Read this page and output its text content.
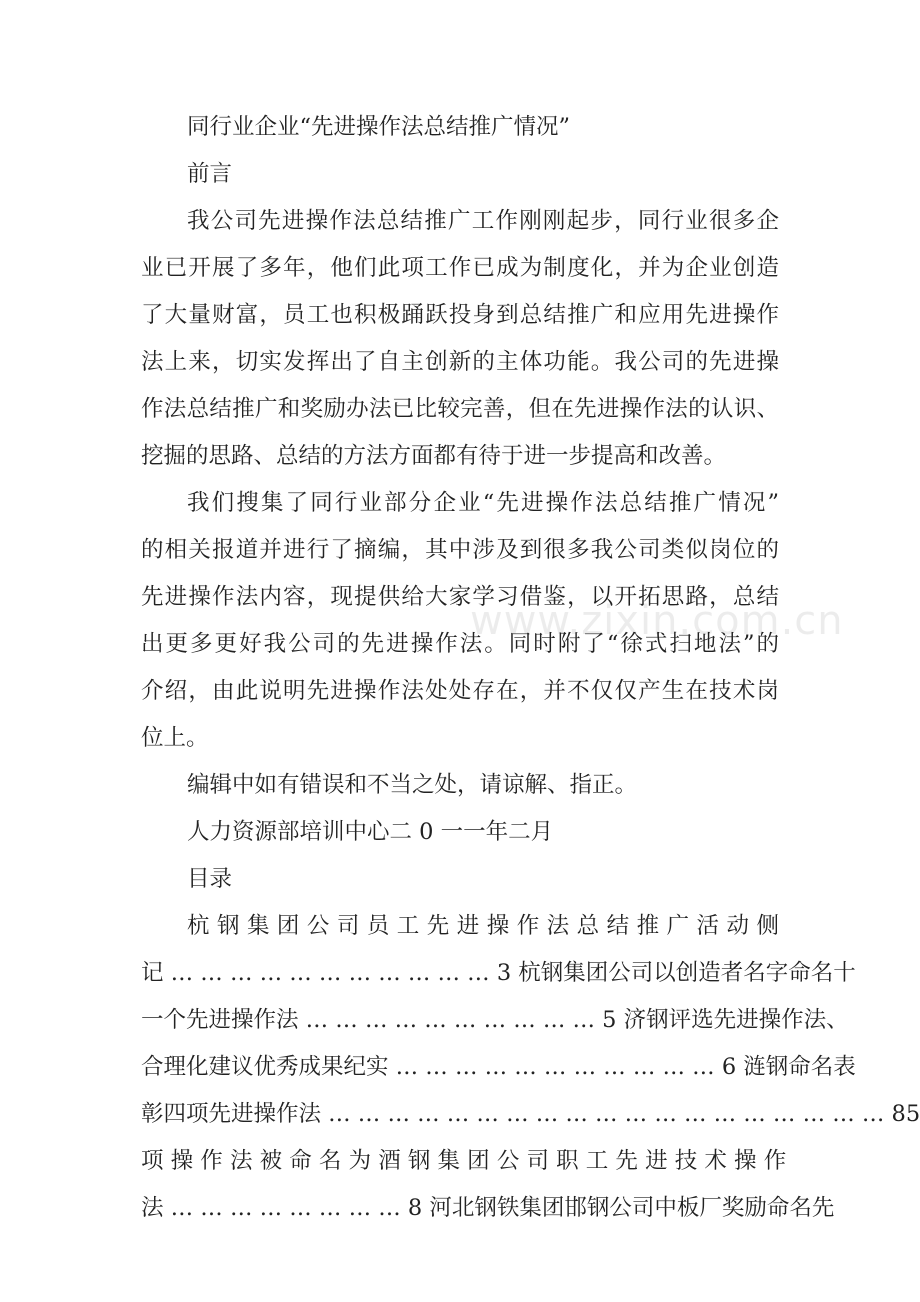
同行业企业“先进操作法总结推广情况”
前言
我公司先进操作法总结推广工作刚刚起步，同行业很多企
业已开展了多年，他们此项工作已成为制度化，并为企业创造
了大量财富，员工也积极踊跃投身到总结推广和应用先进操作
法上来，切实发挥出了自主创新的主体功能。我公司的先进操
作法总结推广和奖励办法已比较完善，但在先进操作法的认识、
挖掘的思路、总结的方法方面都有待于进一步提高和改善。
我们搜集了同行业部分企业“先进操作法总结推广情况”
的相关报道并进行了摘编，其中涉及到很多我公司类似岗位的
先进操作法内容，现提供给大家学习借鉴，以开拓思路，总结
出更多更好我公司的先进操作法。同时附了“徐式扫地法”的
介绍，由此说明先进操作法处处存在，并不仅仅产生在技术岗
位上。
编辑中如有错误和不当之处，请谅解、指正。
人力资源部培训中心二 0 一一年二月
目录
杭 钢 集 团 公 司 员 工 先 进 操 作 法 总 结 推 广 活 动 侧
记 … … … … … … … … … … … 3 杭钢集团公司以创造者名字命名十
一个先进操作法 … … … … … … … … … … 5 济钢评选先进操作法、
合理化建议优秀成果纪实 … … … … … … … … … … … 6 涟钢命名表
彰四项先进操作法 … … … … … … … … … … … … … … … … … … … 85
项 操 作 法 被 命 名 为 酒 钢 集 团 公 司 职 工 先 进 技 术 操 作
法 … … … … … … … … 8 河北钢铁集团邯钢公司中板厂奖励命名先
www.zixin.com.cn
